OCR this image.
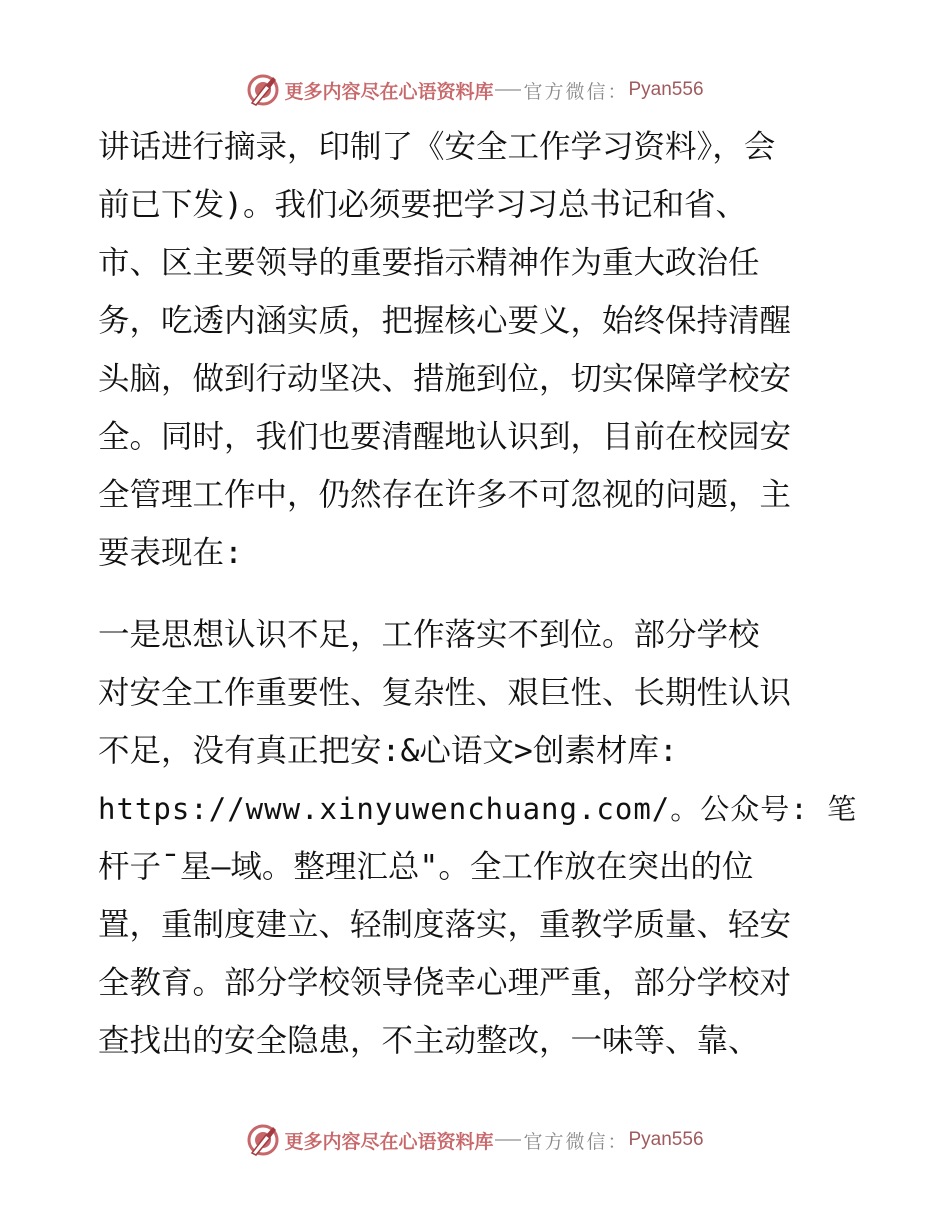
更多内容尽在心语资料库 官方微信： Pyan556
讲话进行摘录，印制了《安全工作学习资料》，会
前已下发)。我们必须要把学习习总书记和省、
市、区主要领导的重要指示精神作为重大政治任
务，吃透内涵实质，把握核心要义，始终保持清醒
头脑，做到行动坚决、措施到位，切实保障学校安
全。同时，我们也要清醒地认识到，目前在校园安
全管理工作中，仍然存在许多不可忽视的问题，主
要表现在:
一是思想认识不足，工作落实不到位。部分学校
对安全工作重要性、复杂性、艰巨性、长期性认识
不足，没有真正把安:&心语文>创素材库:
https://www.xinyuwenchuang.com/。公众号: 笔
杆子¯星—域。整理汇总"。全工作放在突出的位
置，重制度建立、轻制度落实，重教学质量、轻安
全教育。部分学校领导侥幸心理严重，部分学校对
查找出的安全隐患，不主动整改，一味等、靠、
更多内容尽在心语资料库 官方微信： Pyan556
